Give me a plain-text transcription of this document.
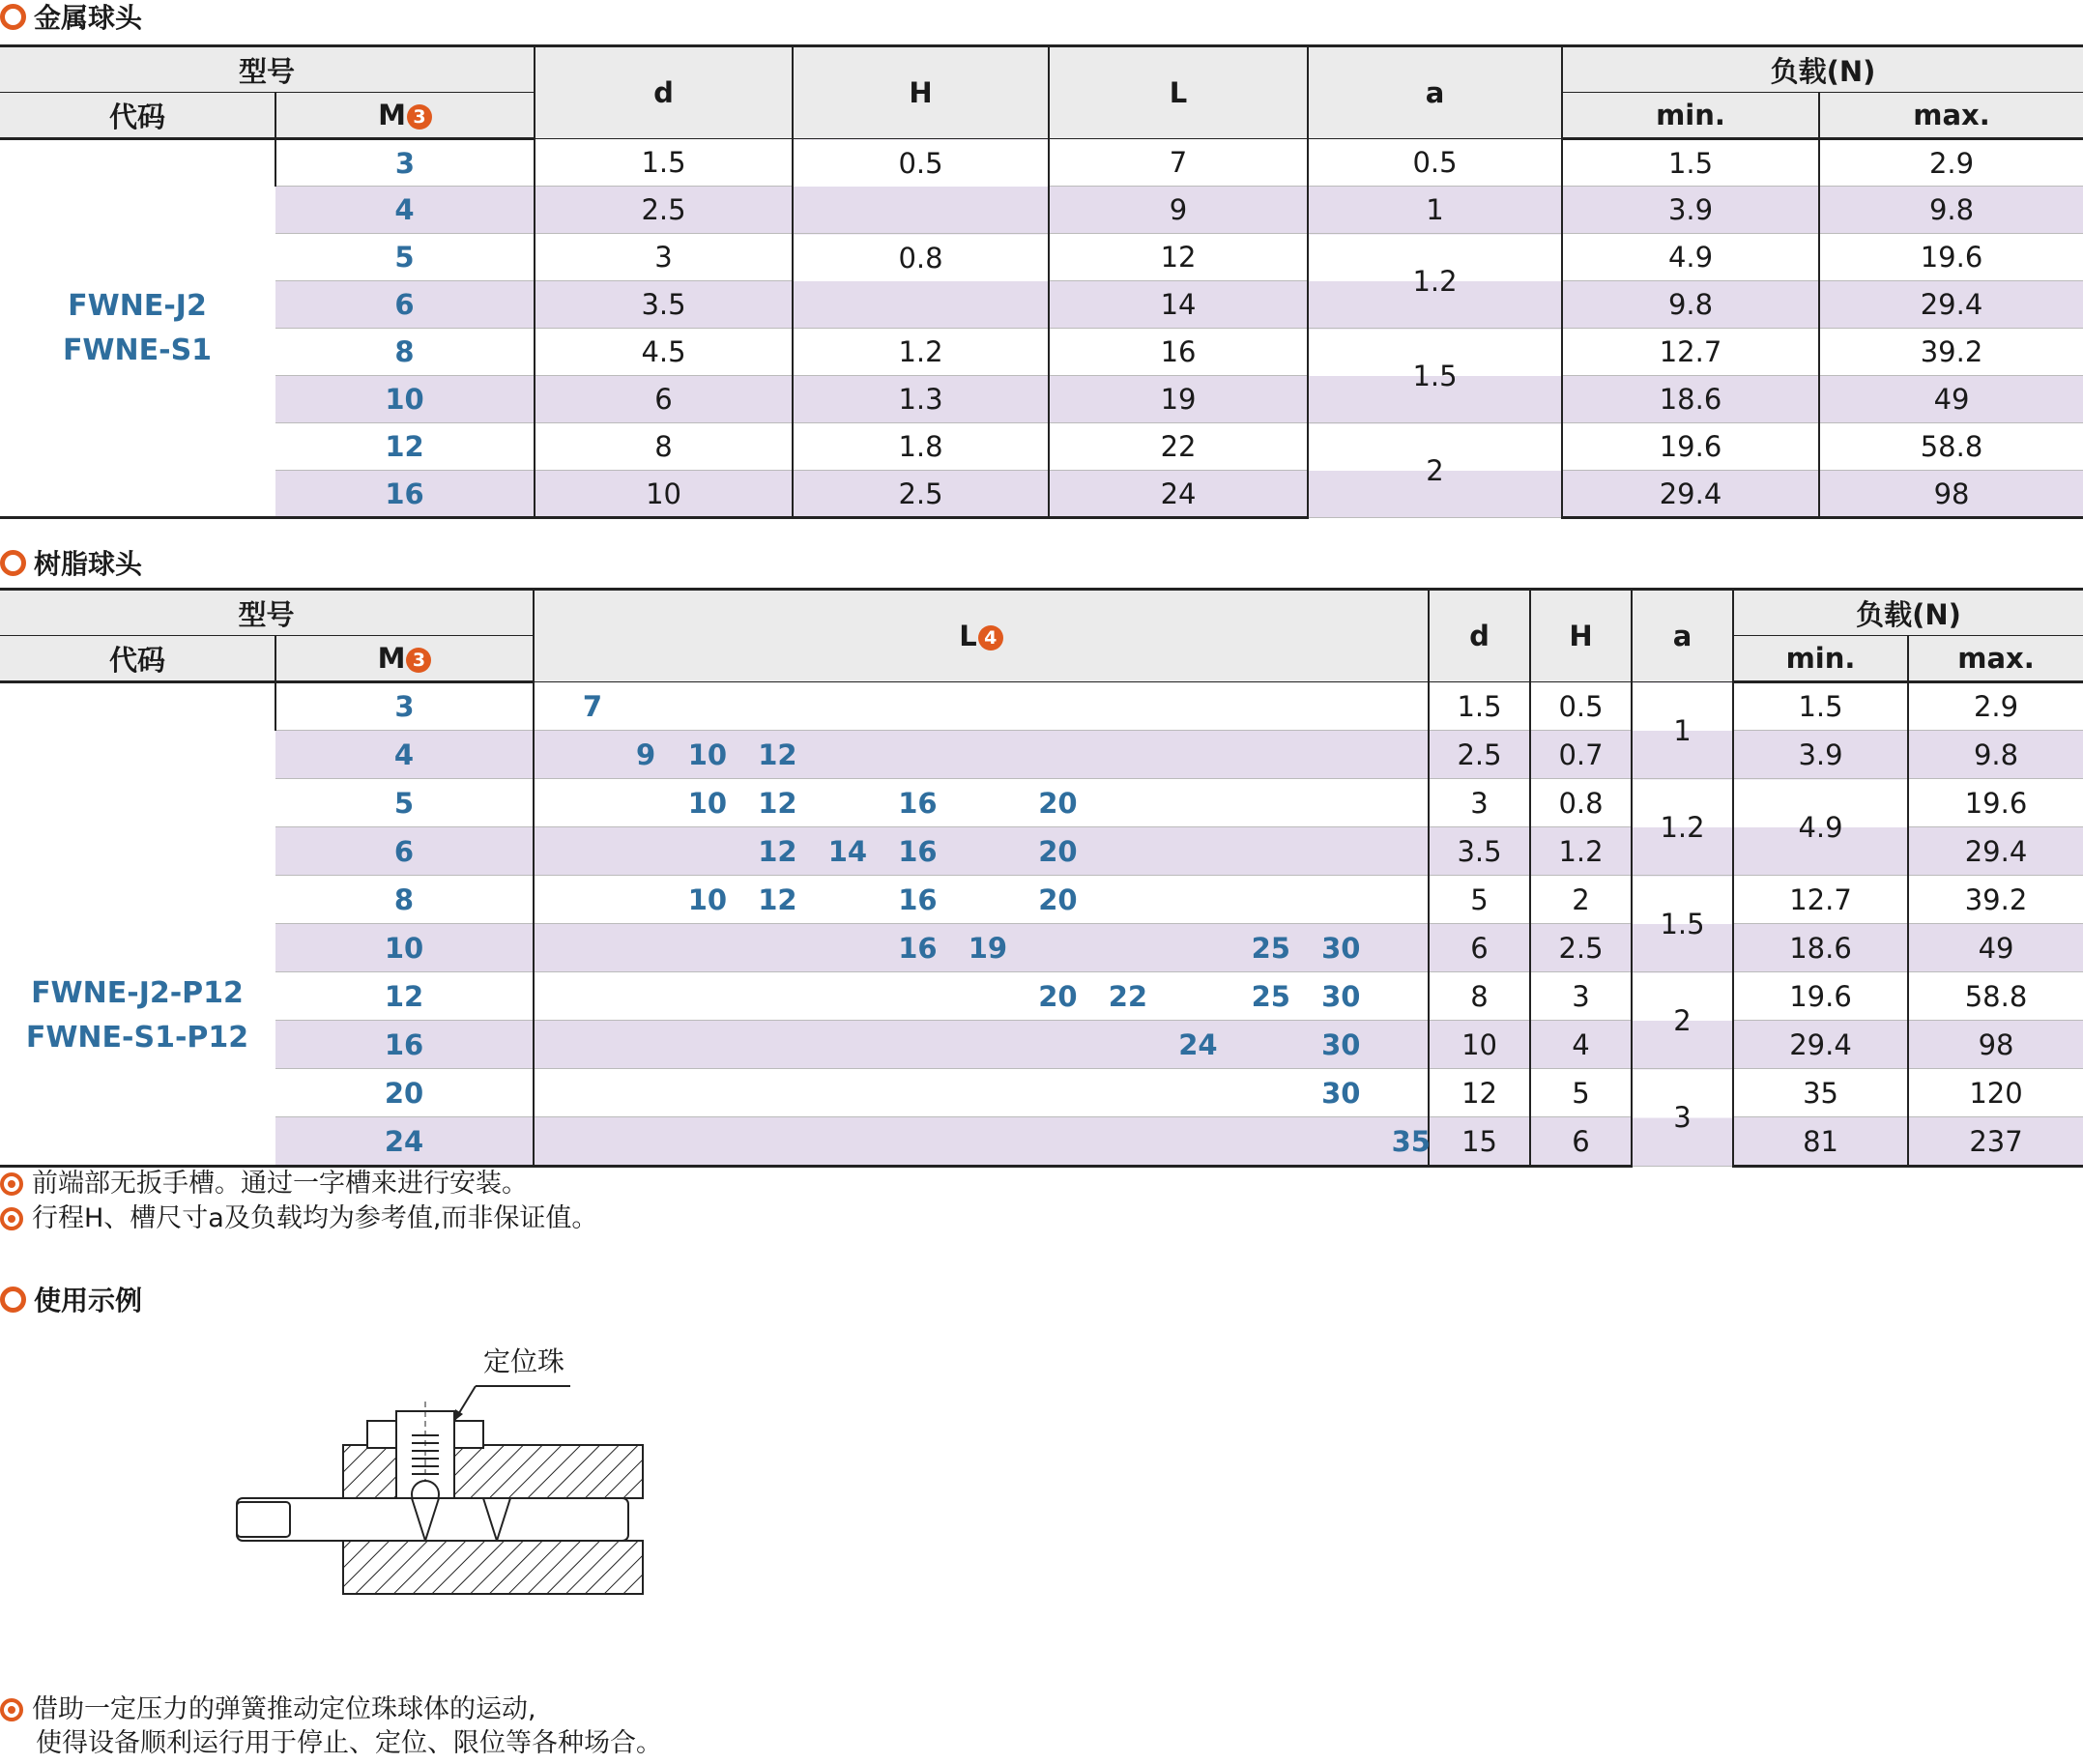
金属球头
型号		d	H	L	a	负载(N)	
代码	M 3					min.	max.

FWNE-J2
FWNE-S1	3	1.5	0.5	7	0.5	1.5	2.9
	4	2.5		9	1	3.9	9.8
	5	3	0.8	12	1.2	4.9	19.6
	6	3.5		14		9.8	29.4
	8	4.5	1.2	16	1.5	12.7	39.2
	10	6	1.3	19		18.6	49
	12	8	1.8	22	2	19.6	58.8
	16	10	2.5	24		29.4	98
树脂球头
型号		L 4	d	H	a	负载(N)	
代码	M 3					min.	max.

FWNE-J2-P12
FWNE-S1-P12	3	7	1.5	0.5	1	1.5	2.9
	4	9 10 12	2.5	0.7		3.9	9.8
	5	10 12 16 20	3	0.8	1.2	4.9	19.6
	6	12 14 16 20	3.5	1.2			29.4
	8	10 12 16 20	5	2	1.5	12.7	39.2
	10	16 19 25 30	6	2.5		18.6	49
	12	20 22 25 30	8	3	2	19.6	58.8
	16	24 30	10	4		29.4	98
	20	30	12	5	3	35	120
	24	35	15	6		81	237
前端部无扳手槽。通过一字槽来进行安装。
行程H、槽尺寸a及负载均为参考值,而非保证值。
使用示例
定位珠
借助一定压力的弹簧推动定位珠球体的运动,
使得设备顺利运行用于停止、定位、限位等各种场合。
